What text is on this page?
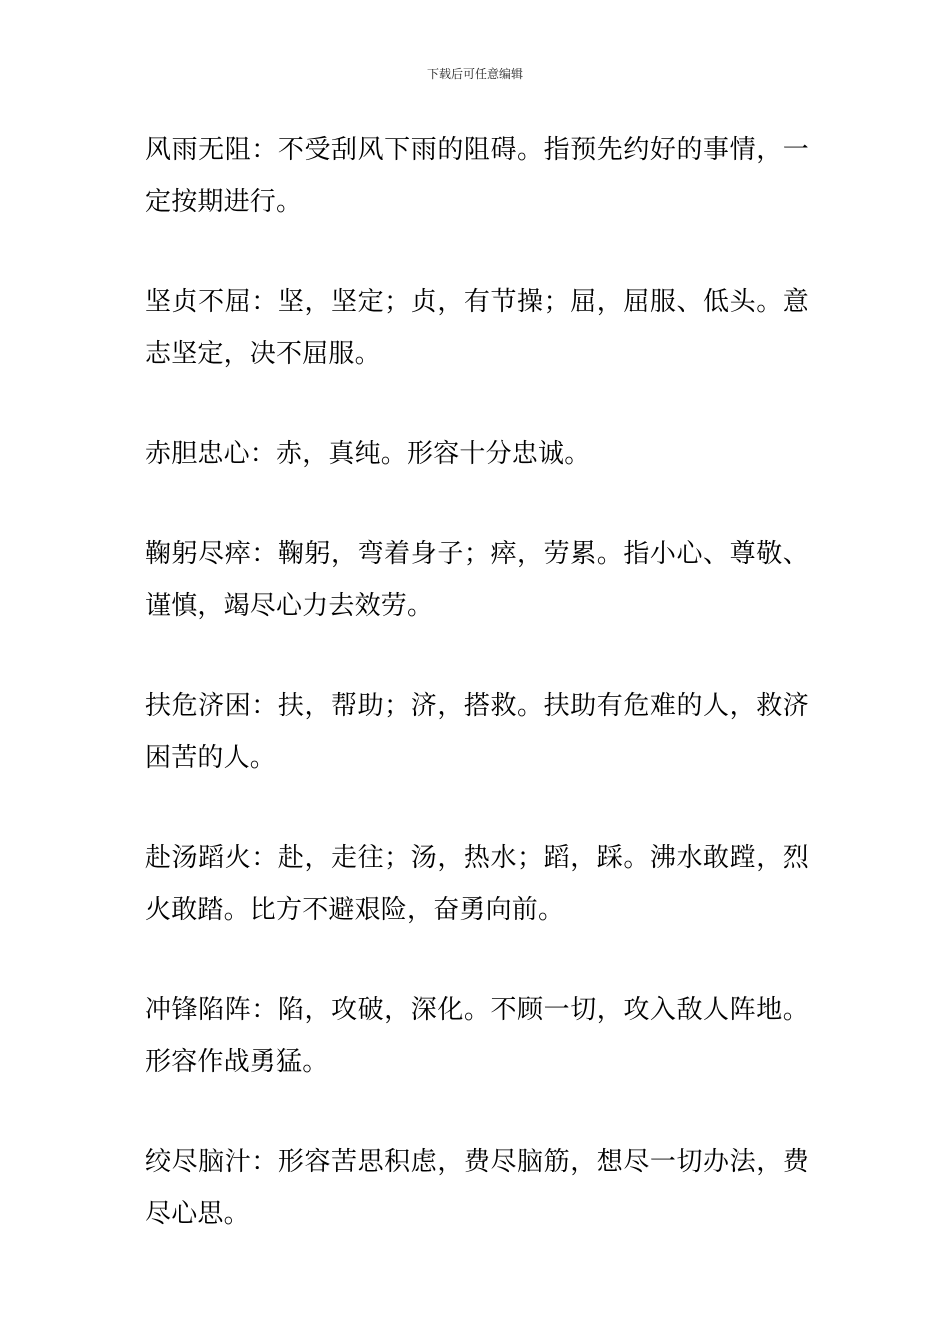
下载后可任意编辑

风雨无阻：不受刮风下雨的阻碍。指预先约好的事情，一定按期进行。

坚贞不屈：坚，坚定；贞，有节操；屈，屈服、低头。意志坚定，决不屈服。

赤胆忠心：赤，真纯。形容十分忠诚。

鞠躬尽瘁：鞠躬，弯着身子；瘁，劳累。指小心、尊敬、谨慎，竭尽心力去效劳。

扶危济困：扶，帮助；济，搭救。扶助有危难的人，救济困苦的人。

赴汤蹈火：赴，走往；汤，热水；蹈，踩。沸水敢蹚，烈火敢踏。比方不避艰险，奋勇向前。

冲锋陷阵：陷，攻破，深化。不顾一切，攻入敌人阵地。形容作战勇猛。

绞尽脑汁：形容苦思积虑，费尽脑筋，想尽一切办法，费尽心思。
